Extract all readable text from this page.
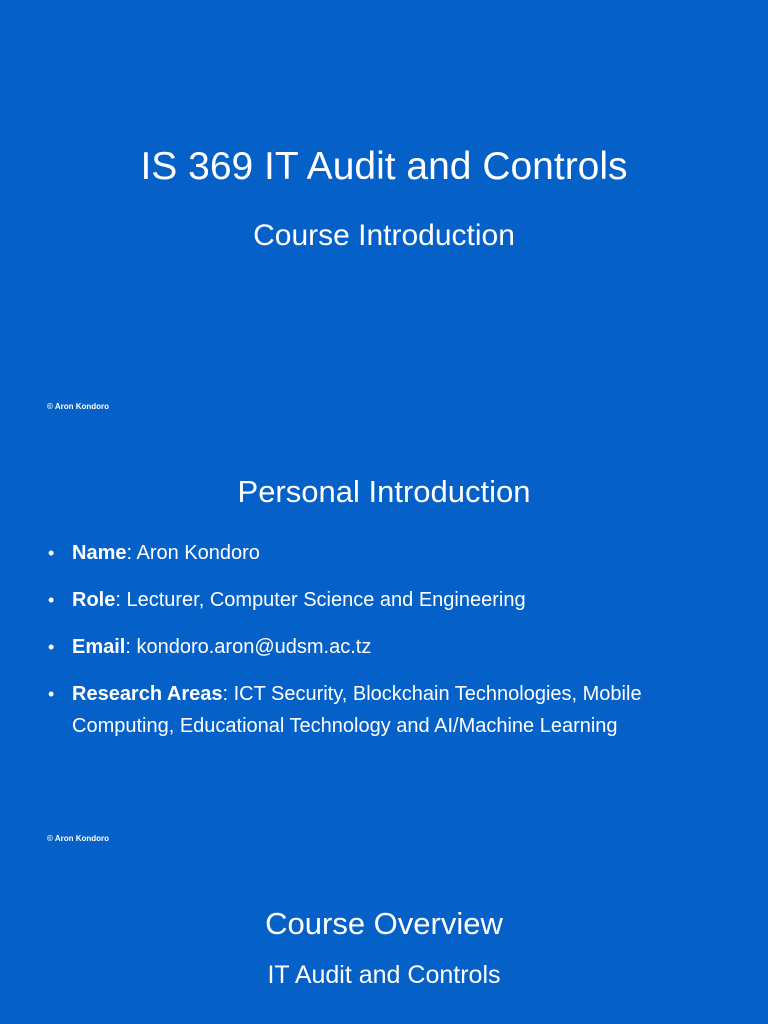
IS 369 IT Audit and Controls
Course Introduction
© Aron Kondoro
Personal Introduction
• Name: Aron Kondoro
• Role: Lecturer, Computer Science and Engineering
• Email: kondoro.aron@udsm.ac.tz
• Research Areas: ICT Security, Blockchain Technologies, Mobile Computing, Educational Technology and AI/Machine Learning
© Aron Kondoro
Course Overview
IT Audit and Controls
